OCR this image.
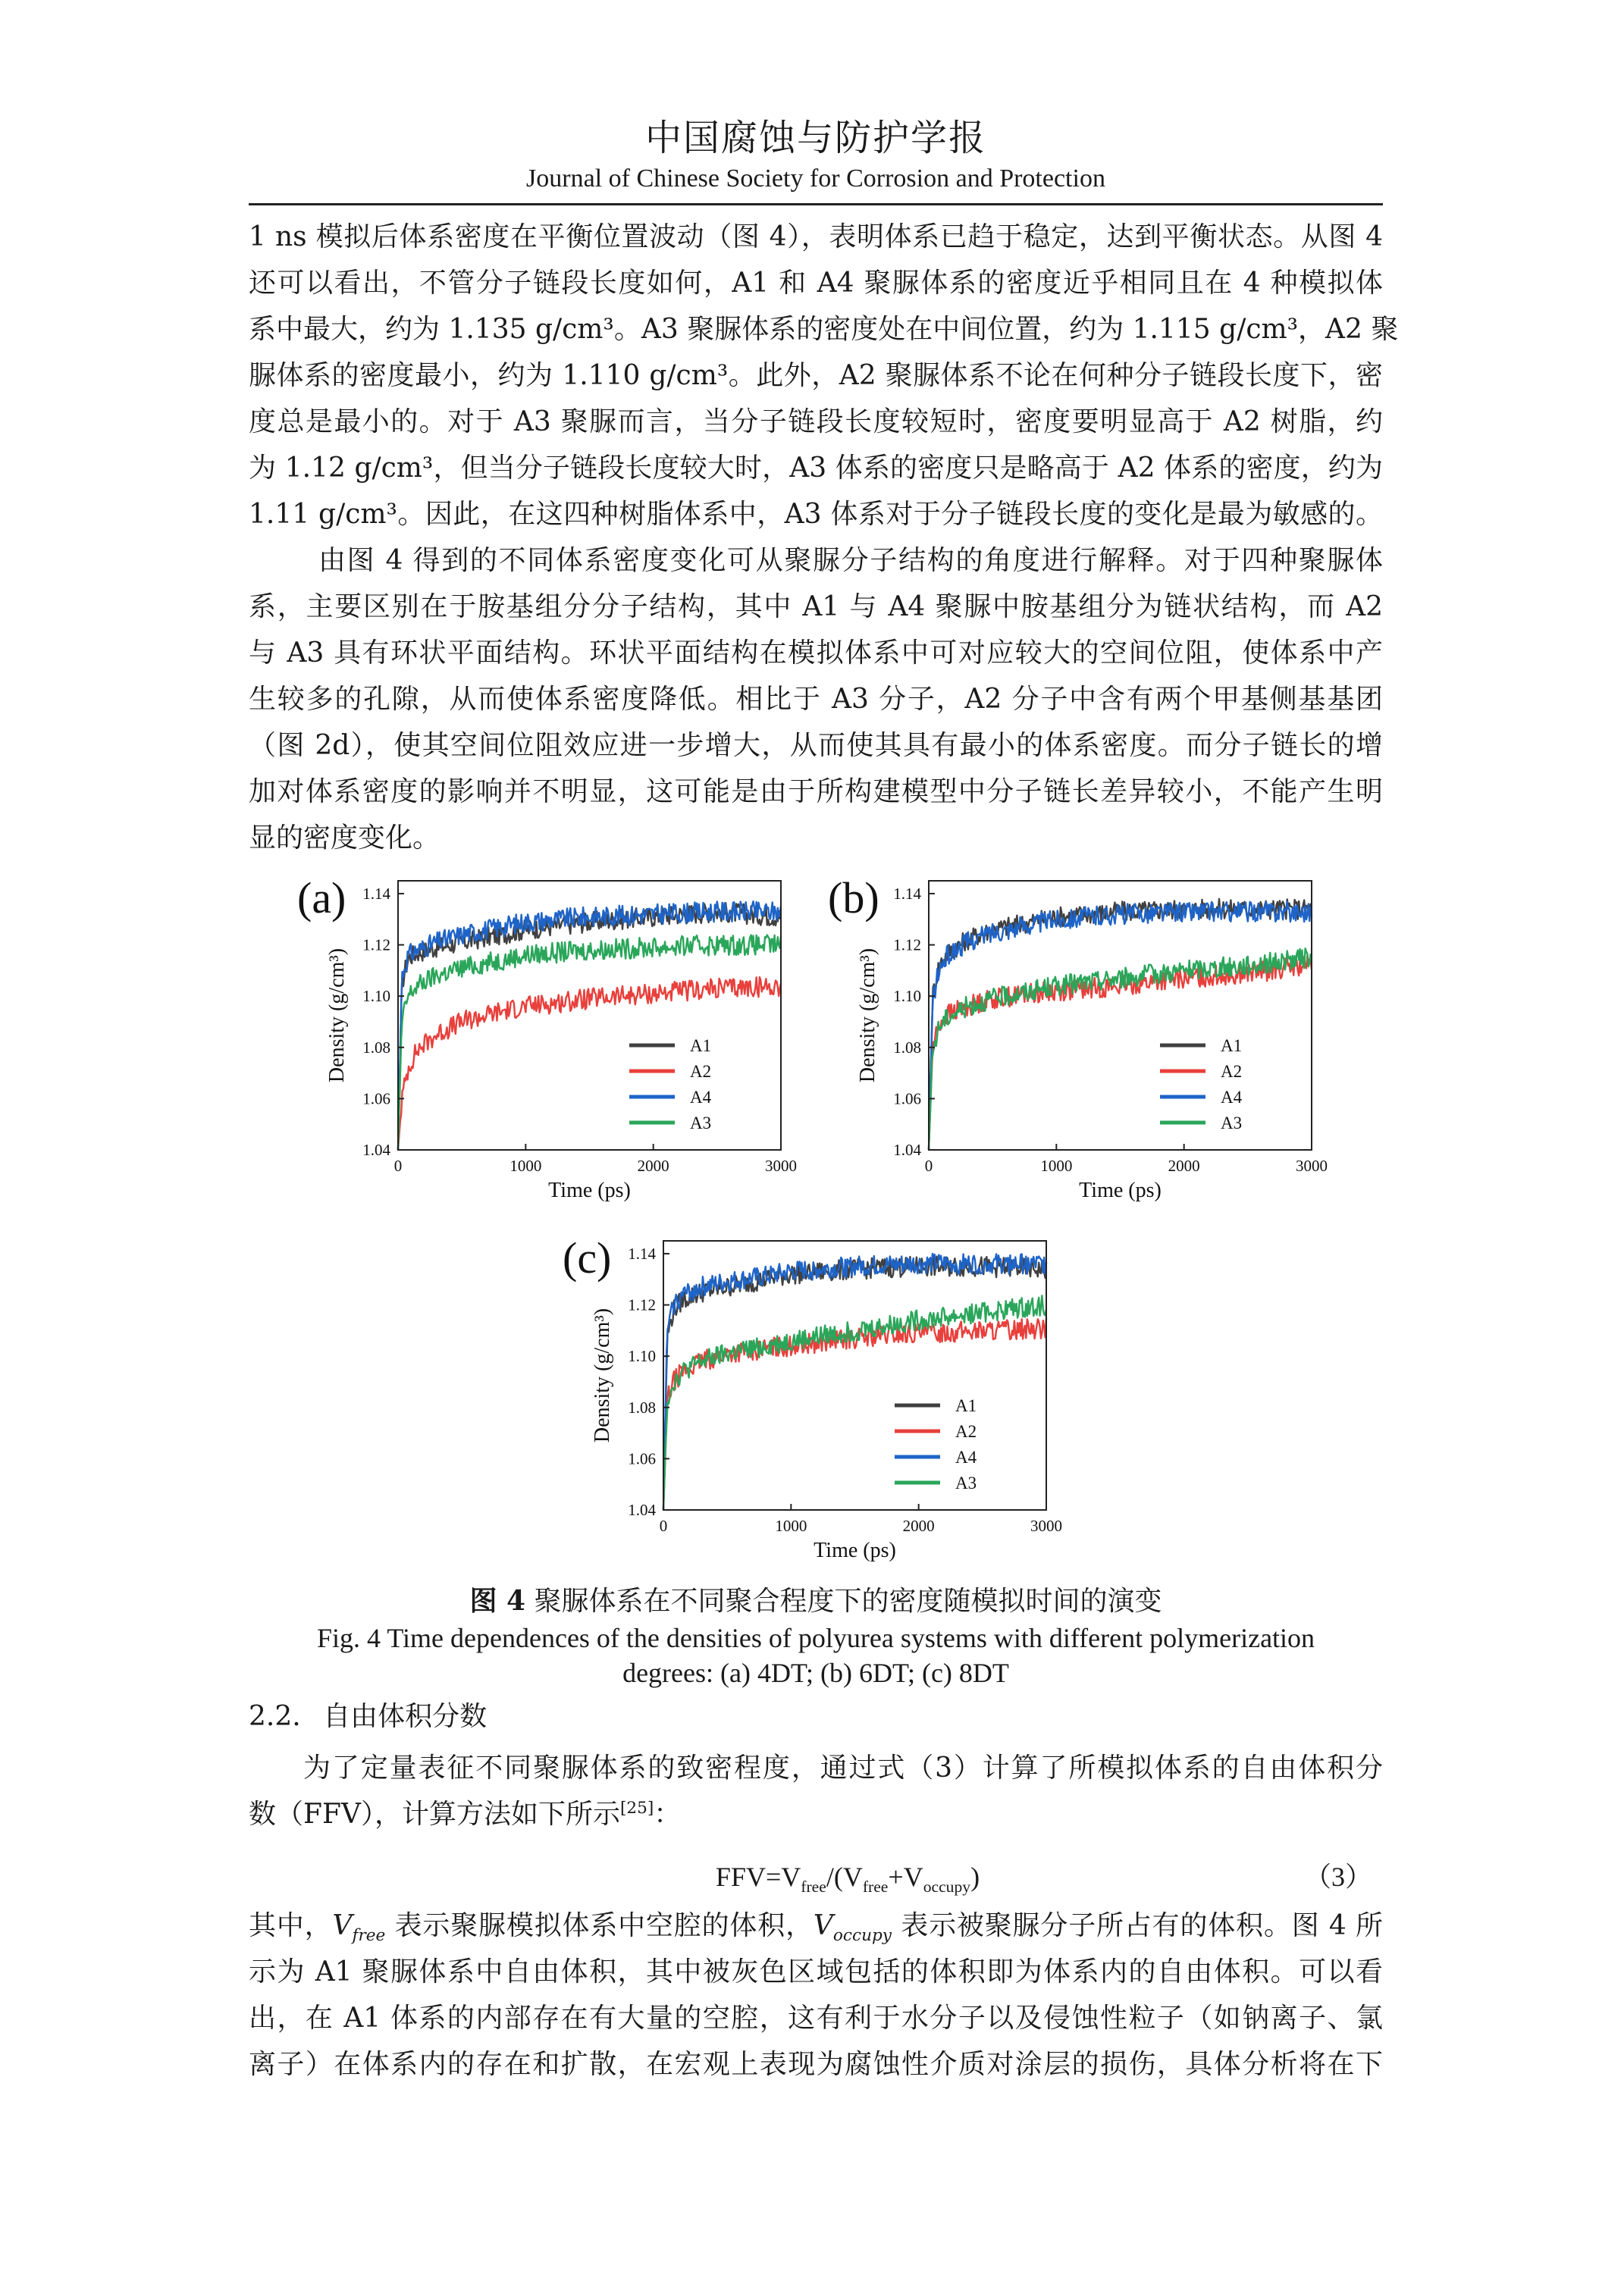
中国腐蚀与防护学报
Journal of Chinese Society for Corrosion and Protection
1 ns 模拟后体系密度在平衡位置波动（图 4），表明体系已趋于稳定，达到平衡状态。从图 4
还可以看出，不管分子链段长度如何，A1 和 A4 聚脲体系的密度近乎相同且在 4 种模拟体
系中最大，约为 1.135 g/cm³。A3 聚脲体系的密度处在中间位置，约为 1.115 g/cm³，A2 聚
脲体系的密度最小，约为 1.110 g/cm³。此外，A2 聚脲体系不论在何种分子链段长度下，密
度总是最小的。对于 A3 聚脲而言，当分子链段长度较短时，密度要明显高于 A2 树脂，约
为 1.12 g/cm³，但当分子链段长度较大时，A3 体系的密度只是略高于 A2 体系的密度，约为
1.11 g/cm³。因此，在这四种树脂体系中，A3 体系对于分子链段长度的变化是最为敏感的。
由图 4 得到的不同体系密度变化可从聚脲分子结构的角度进行解释。对于四种聚脲体
系，主要区别在于胺基组分分子结构，其中 A1 与 A4 聚脲中胺基组分为链状结构，而 A2
与 A3 具有环状平面结构。环状平面结构在模拟体系中可对应较大的空间位阻，使体系中产
生较多的孔隙，从而使体系密度降低。相比于 A3 分子，A2 分子中含有两个甲基侧基基团
（图 2d），使其空间位阻效应进一步增大，从而使其具有最小的体系密度。而分子链长的增
加对体系密度的影响并不明显，这可能是由于所构建模型中分子链长差异较小，不能产生明
显的密度变化。
0	1000	2000	3000
1.04
1.06
1.08
1.10
1.12
1.14
Time (ps)
Density (g/cm³)
(a)
A1
A2
A4
A3
0	1000	2000	3000
1.04
1.06
1.08
1.10
1.12
1.14
Time (ps)
Density (g/cm³)
(b)
A1
A2
A4
A3
0	1000	2000	3000
1.04
1.06
1.08
1.10
1.12
1.14
Time (ps)
Density (g/cm³)
(c)
A1
A2
A4
A3
图 4 聚脲体系在不同聚合程度下的密度随模拟时间的演变
Fig. 4 Time dependences of the densities of polyurea systems with different polymerization
degrees: (a) 4DT; (b) 6DT; (c) 8DT
2.2. 自由体积分数
为了定量表征不同聚脲体系的致密程度，通过式（3）计算了所模拟体系的自由体积分
数（FFV），计算方法如下所示[25]：
$FFV=V_{free}/(V_{free}+V_{occupy})$	（3）
其中，$V_{free}$ 表示聚脲模拟体系中空腔的体积，$V_{occupy}$ 表示被聚脲分子所占有的体积。图 4 所
示为 A1 聚脲体系中自由体积，其中被灰色区域包括的体积即为体系内的自由体积。可以看
出，在 A1 体系的内部存在有大量的空腔，这有利于水分子以及侵蚀性粒子（如钠离子、氯
离子）在体系内的存在和扩散，在宏观上表现为腐蚀性介质对涂层的损伤，具体分析将在下
